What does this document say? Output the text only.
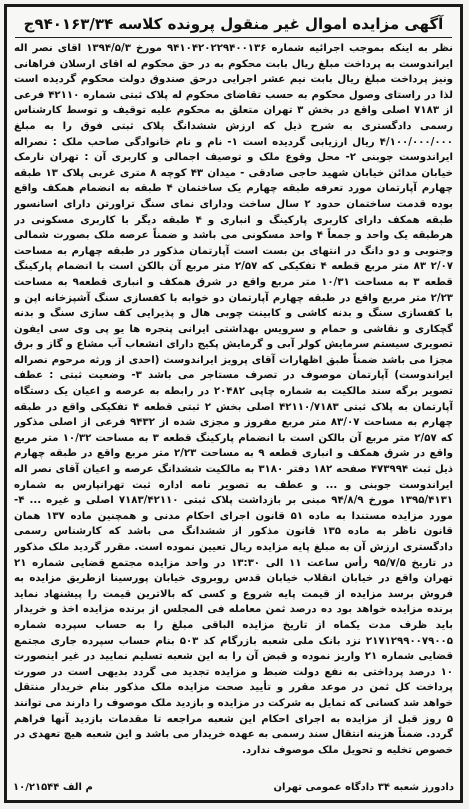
آگهی مزایده اموال غیر منقول پرونده کلاسه ۹۴۰۱۶۳/۳۴ج
نظر به اینکه بموجب اجرائیه شماره ۹۴۱۰۴۲۰۲۲۹۴۰۰۱۳۶ مورخ ۱۳۹۴/۵/۳ اقای نصر اله ایراندوست به پرداخت مبلغ ریال بابت محکوم به در حق محکوم له اقای ارسلان فراهانی ونیز پرداخت مبلغ ریال بابت نیم عشر اجرایی درحق صندوق دولت محکوم گردیده است لذا در راستای وصول محکوم به حسب تقاضای محکوم له پلاک ثبتی شماره ۴۲۱۱۰ فرعی از ۷۱۸۳ اصلی واقع در بخش ۳ تهران متعلق به محکوم علیه توقیف و توسط کارشناس رسمی دادگستری به شرح ذیل که ارزش ششدانگ پلاک ثبتی فوق را به مبلغ ۴/۱۰۰/۰۰۰/۰۰۰ ریال ارزیابی گردیده است ۱- نام و نام خانوادگی صاحب ملک : نصراله ایراندوست جوبنی ۲- محل وقوع ملک و توصیف اجمالی و کاربری آن : تهران نارمک خیابان مدائن خیابان شهید حاجی صادقی - میدان ۴۳ کوچه ۸ متری غربی پلاک ۱۳ طبقه چهارم آپارتمان مورد تعرفه طبقه چهارم یک ساختمان ۴ طبقه به انضمام همکف واقع بوده قدمت ساختمان حدود ۲ سال ساخت ودارای نمای سنگ تراورتن دارای اسانسور طبقه همکف دارای کاربری پارکینگ و انباری و ۴ طبقه دیگر با کاربری مسکونی در هرطبقه یک واحد و جمعاً ۴ واحد مسکونی می باشد و ضمناً عرصه ملک بصورت شمالی وجنوبی و دو دانگ در انتهای بن بست است آپارتمان مذکور در طبقه چهارم به مساحت ۲/۰۷ ۸۳ متر مربع قطعه ۴ تفکیکی که ۲/۵۷ متر مربع آن بالکن است با انضمام پارکینگ قطعه ۳ به مساحت ۱۰/۳۱ متر مربع واقع در شرق همکف و انباری قطعه۹ به مساحت ۲/۲۳ متر مربع واقع در طبقه چهارم آپارتمان دو خوابه با کفسازی سنگ آشپزخانه اپن و با کفسازی سنگ و بدنه کاشی و کابینت چوبی هال و پذیرایی کف سازی سنگ و بدنه گچکاری و نقاشی و حمام و سرویس بهداشتی ایرانی پنجره ها یو پی وی سی ایفون تصویری سیستم سرمایش کولر آبی و گرمایش پکیج دارای انشعاب آب مشاع و گاز و برق مجزا می باشد ضمناً طبق اظهارات آقای پرویز ایراندوست (احدی از ورثه مرحوم نصراله ایراندوست) آپارتمان موصوف در تصرف مستاجر می باشد ۳- وضعیت ثبتی : عطف تصویر برگه سند مالکیت به شماره چاپی ۲۰۴۸۲ در رابطه به عرصه و اعیان یک دستگاه آپارتمان به پلاک ثبتی ۴۲۱۱۰/۷۱۸۳ اصلی بخش ۲ ثبتی قطعه ۴ تفکیکی واقع در طبقه چهارم به مساحت ۸۳/۰۷ متر مربع مفروز و مجزی شده از ۹۴۳۲ فرعی از اصلی مذکور که ۲/۵۷ متر مربع آن بالکن است با انضمام پارکینگ قطعه ۳ به مساحت ۱۰/۳۲ متر مربع واقع در شرق همکف و انباری قطعه ۹ به مساحت ۲/۲۳ متر مربع واقع در طبقه چهارم ذیل ثبت ۴۷۳۹۹۴ صفحه ۱۸۲ دفتر ۳۱۸۰ به مالکیت ششدانگ عرصه و اعیان آقای نصر اله ایراندوست جوبنی و ... و عطف به تصویر نامه اداره ثبت تهرانپارس به شماره ۱۳۹۵/۴۱۳۱ مورخ ۹۴/۸/۹ مبنی بر بازداشت پلاک ثبتی ۷۱۸۳/۴۲۱۱۰ اصلی و غیره ... ۴- مورد مزایده مستندا به ماده ۵۱ قانون اجرای احکام مدنی و همچنین ماده ۱۳۷ همان قانون ناظر به ماده ۱۳۵ قانون مذکور از ششدانگ می باشد که کارشناس رسمی دادگستری ارزش آن به مبلغ پایه مزایده ریال تعیین نموده است. مقرر گردید ملک مذکور در تاریخ ۹۵/۷/۵ رأس ساعت ۱۱ الی ۱۳:۳۰ در واحد مزایده مجتمع قضایی شماره ۲۱ تهران واقع در خیابان انقلاب خیابان قدس روبروی خیابان پورسینا ازطریق مزایده به فروش برسد مزایده از قیمت پایه شروع و کسی که بالاترین قیمت را پیشنهاد نماید برنده مزایده خواهد بود ده درصد ثمن معامله فی المجلس از برنده مزایده اخذ و خریدار باید ظرف مدت یکماه از تاریخ مزایده الباقی مبلغ را به حساب سپرده شماره ۲۱۷۱۲۹۹۰۰۷۹۰۰۵ نزد بانک ملی شعبه بازرگام کد ۵۰۳ بنام حساب سپرده جاری مجتمع قضایی شماره ۲۱ واریز نموده و قبض آن را به این شعبه تسلیم نمایید در غیر اینصورت ۱۰ درصد پرداختی به نفع دولت ضبط و مزایده تجدید می گردد بدیهی است در صورت پرداخت کل ثمن در موعد مقرر و تأیید صحت مزایده ملک مذکور بنام خریدار منتقل خواهد شد کسانی که تمایل به شرکت در مزایده و بازدید ملک موصوف را دارند می توانند ۵ روز قبل از مزایده به اجرای احکام این شعبه مراجعه تا مقدمات بازدید آنها فراهم گردد. ضمناً هزینه انتقال سند رسمی به عهده خریدار می باشد و این شعبه هیچ تعهدی در خصوص تخلیه و تحویل ملک موصوف ندارد.
دادورز شعبه ۳۴ دادگاه عمومی تهران
م الف ۱۰/۲۱۵۴۴
